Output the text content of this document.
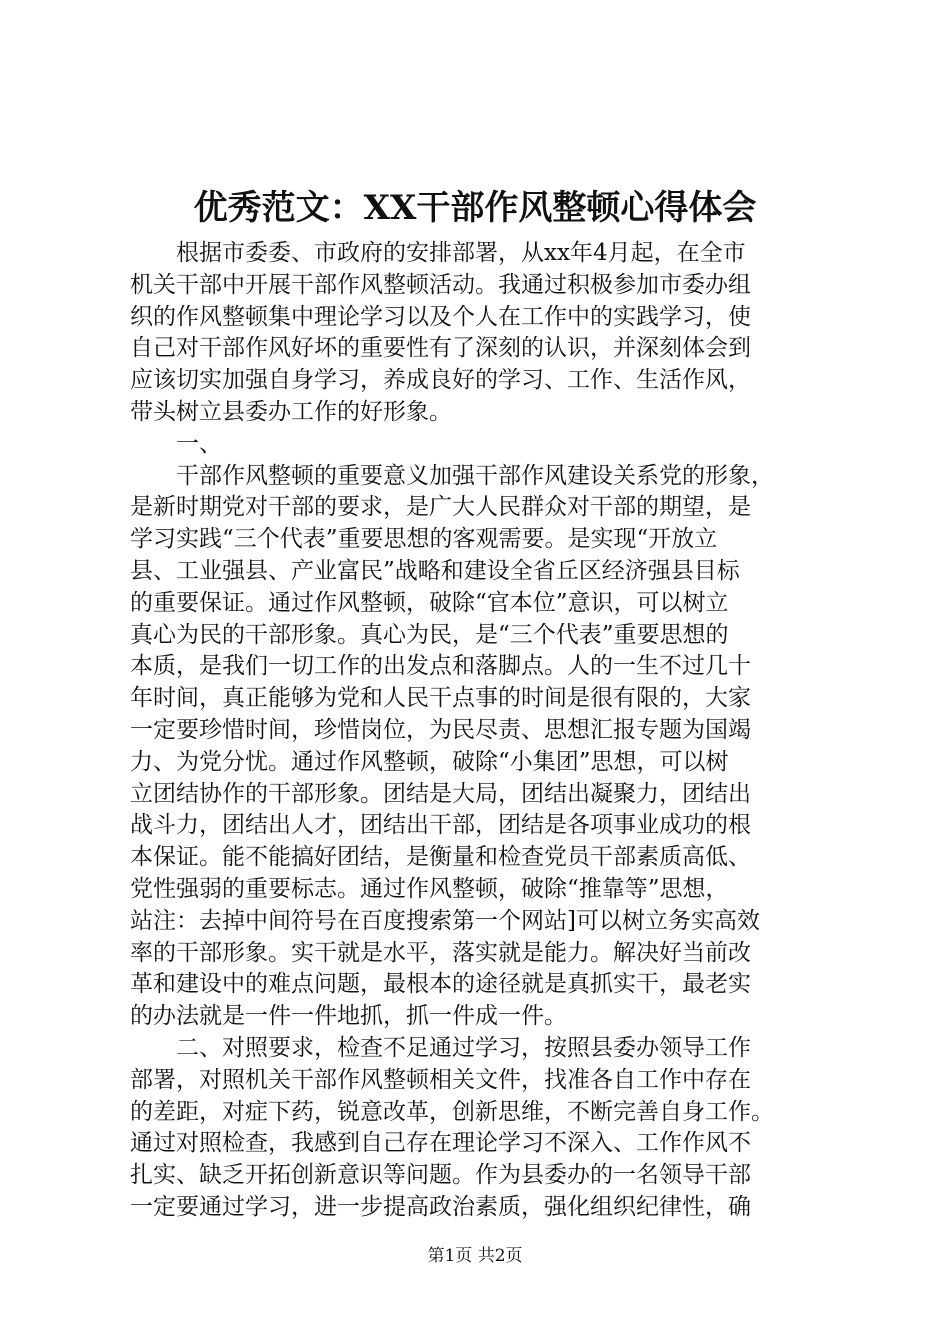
优秀范文：XX干部作风整顿心得体会
　　根据市委委、市政府的安排部署，从xx年4月起，在全市
机关干部中开展干部作风整顿活动。我通过积极参加市委办组
织的作风整顿集中理论学习以及个人在工作中的实践学习，使
自己对干部作风好坏的重要性有了深刻的认识，并深刻体会到
应该切实加强自身学习，养成良好的学习、工作、生活作风，
带头树立县委办工作的好形象。
　　一、
　　干部作风整顿的重要意义加强干部作风建设关系党的形象，
是新时期党对干部的要求，是广大人民群众对干部的期望，是
学习实践“三个代表”重要思想的客观需要。是实现“开放立
县、工业强县、产业富民”战略和建设全省丘区经济强县目标
的重要保证。通过作风整顿，破除“官本位”意识，可以树立
真心为民的干部形象。真心为民，是“三个代表”重要思想的
本质，是我们一切工作的出发点和落脚点。人的一生不过几十
年时间，真正能够为党和人民干点事的时间是很有限的，大家
一定要珍惜时间，珍惜岗位，为民尽责、思想汇报专题为国竭
力、为党分忧。通过作风整顿，破除“小集团”思想，可以树
立团结协作的干部形象。团结是大局，团结出凝聚力，团结出
战斗力，团结出人才，团结出干部，团结是各项事业成功的根
本保证。能不能搞好团结，是衡量和检查党员干部素质高低、
党性强弱的重要标志。通过作风整顿，破除“推靠等”思想，
站注：去掉中间符号在百度搜索第一个网站]可以树立务实高效
率的干部形象。实干就是水平，落实就是能力。解决好当前改
革和建设中的难点问题，最根本的途径就是真抓实干，最老实
的办法就是一件一件地抓，抓一件成一件。
　　二、对照要求，检查不足通过学习，按照县委办领导工作
部署，对照机关干部作风整顿相关文件，找准各自工作中存在
的差距，对症下药，锐意改革，创新思维，不断完善自身工作。
通过对照检查，我感到自己存在理论学习不深入、工作作风不
扎实、缺乏开拓创新意识等问题。作为县委办的一名领导干部
一定要通过学习，进一步提高政治素质，强化组织纪律性，确
第1页 共2页
